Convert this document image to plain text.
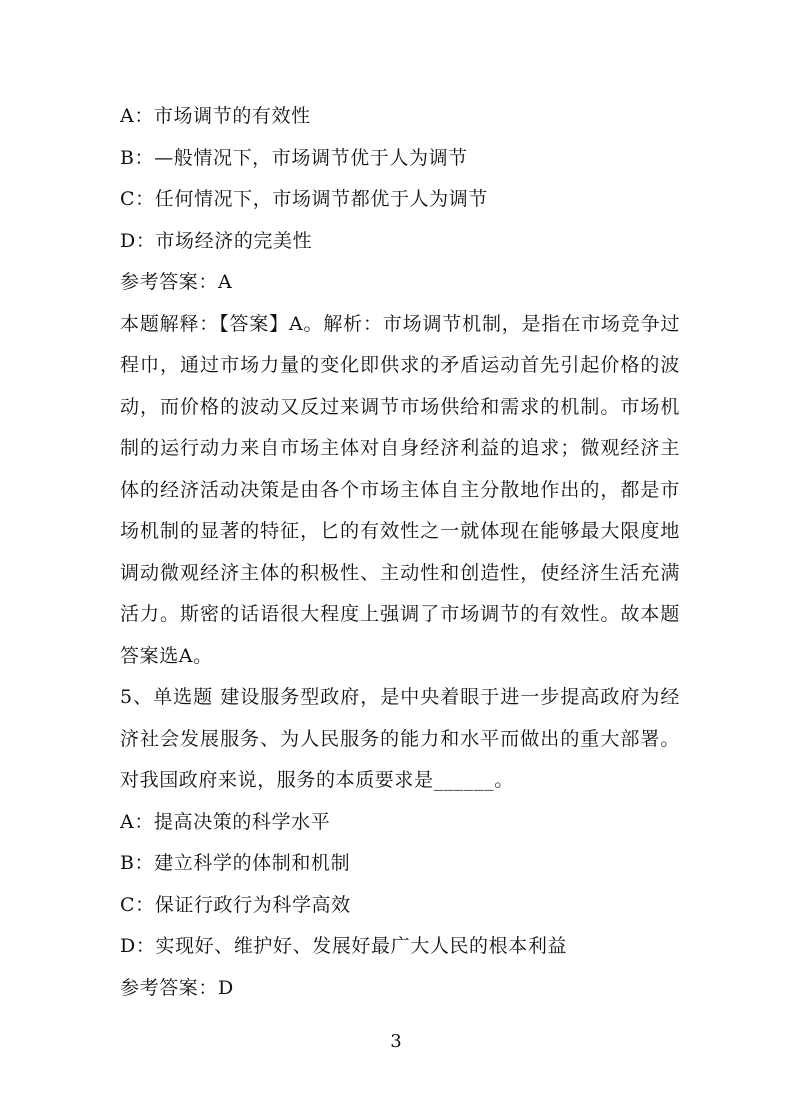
A：市场调节的有效性
B：—般情况下，市场调节优于人为调节
C：任何情况下，市场调节都优于人为调节
D：市场经济的完美性
参考答案：A
本题解释：【答案】A。解析：市场调节机制，是指在市场竞争过程巾，通过市场力量的变化即供求的矛盾运动首先引起价格的波动，而价格的波动又反过来调节市场供给和需求的机制。市场机制的运行动力来自市场主体对自身经济利益的追求；微观经济主体的经济活动决策是由各个市场主体自主分散地作出的，都是市场机制的显著的特征，匕的有效性之一就体现在能够最大限度地调动微观经济主体的积极性、主动性和创造性，使经济生活充满活力。斯密的话语很大程度上强调了市场调节的有效性。故本题答案选A。
5、单选题 建设服务型政府，是中央着眼于进一步提高政府为经济社会发展服务、为人民服务的能力和水平而做出的重大部署。对我国政府来说，服务的本质要求是______。
A：提高决策的科学水平
B：建立科学的体制和机制
C：保证行政行为科学高效
D：实现好、维护好、发展好最广大人民的根本利益
参考答案：D
3
